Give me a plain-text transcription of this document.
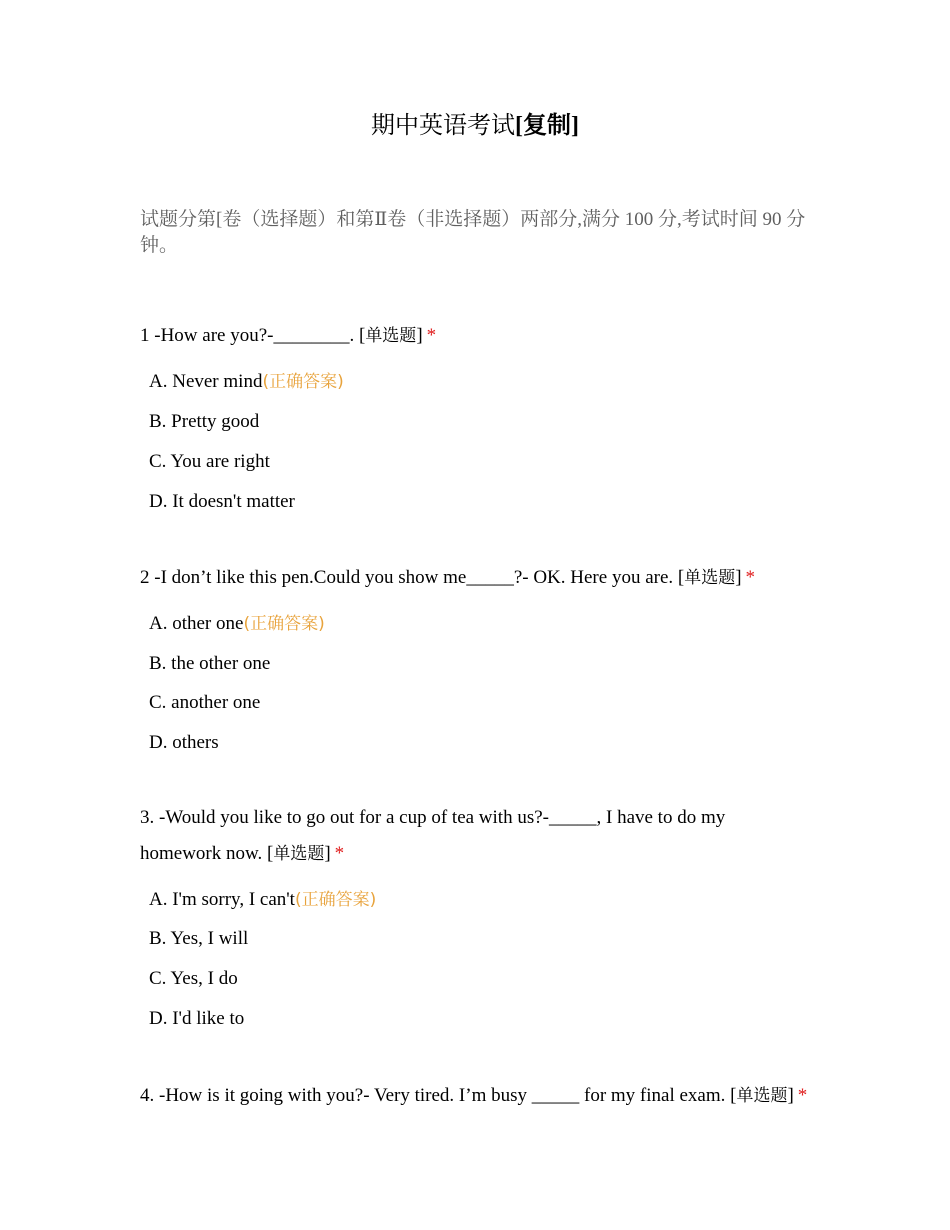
期中英语考试[复制]
试题分第[卷（选择题）和第Ⅱ卷（非选择题）两部分,满分 100 分,考试时间 90 分钟。
1 -How are you?-________. [单选题] *
A. Never mind(正确答案)
B. Pretty good
C. You are right
D. It doesn't matter
2 -I don’t like this pen.Could you show me_____?- OK. Here you are. [单选题] *
A. other one(正确答案)
B. the other one
C. another one
D. others
3. -Would you like to go out for a cup of tea with us?-_____, I have to do my homework now. [单选题] *
A. I'm sorry, I can't(正确答案)
B. Yes, I will
C. Yes, I do
D. I'd like to
4. -How is it going with you?- Very tired. I’m busy _____ for my final exam. [单选题] *
